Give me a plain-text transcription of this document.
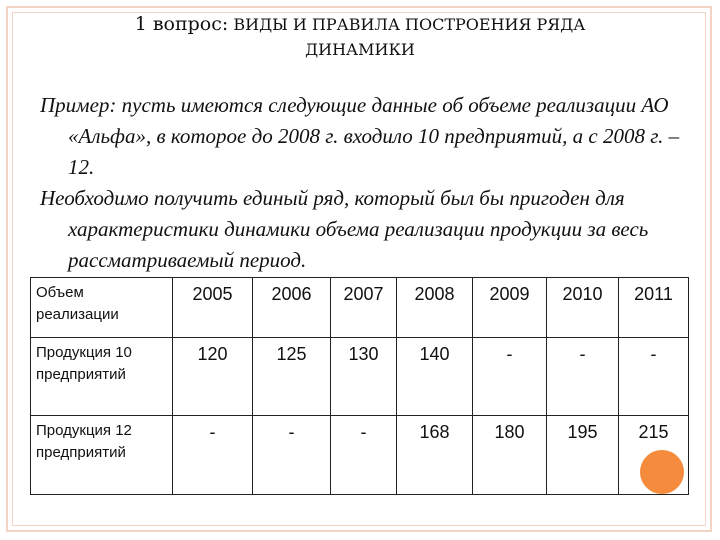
1 вопрос: ВИДЫ И ПРАВИЛА ПОСТРОЕНИЯ РЯДА
ДИНАМИКИ

Пример: пусть имеются следующие данные об объеме реализации АО «Альфа», в которое до 2008 г. входило 10 предприятий, а с 2008 г. – 12.

Необходимо получить единый ряд, который был бы пригоден для характеристики динамики объема реализации продукции за весь рассматриваемый период.

Объем реализации	2005	2006	2007	2008	2009	2010	2011
Продукция 10 предприятий	120	125	130	140	-	-	-
Продукция 12 предприятий	-	-	-	168	180	195	215
